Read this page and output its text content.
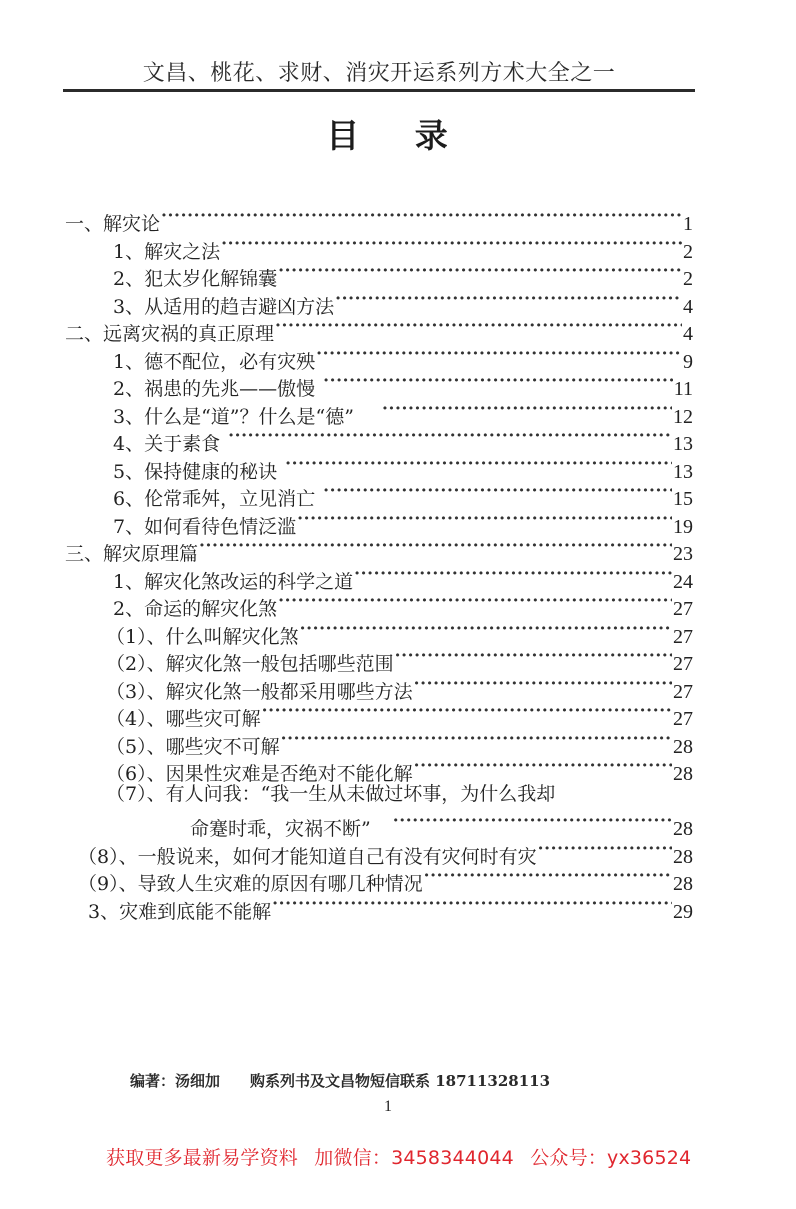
文昌、桃花、求财、消灾开运系列方术大全之一
目 录
一、解灾论 ·····	1
1、解灾之法 ·····	2
2、犯太岁化解锦囊 ·····	2
3、从适用的趋吉避凶方法 ·····	4
二、远离灾祸的真正原理 ·····	4
1、德不配位，必有灾殃 ·····	9
2、祸患的先兆——傲慢 ·····	11
3、什么是“道”？什么是“德” ·····	12
4、关于素食 ·····	13
5、保持健康的秘诀 ·····	13
6、伦常乖舛，立见消亡 ·····	15
7、如何看待色情泛滥 ·····	19
三、解灾原理篇 ·····	23
1、解灾化煞改运的科学之道 ·····	24
2、命运的解灾化煞 ·····	27
（1）、什么叫解灾化煞 ·····	27
（2）、解灾化煞一般包括哪些范围 ·····	27
（3）、解灾化煞一般都采用哪些方法 ·····	27
（4）、哪些灾可解 ·····	27
（5）、哪些灾不可解 ·····	28
（6）、因果性灾难是否绝对不能化解 ·····	28
（7）、有人问我：“我一生从未做过坏事，为什么我却
命蹇时乖，灾祸不断” ·····	28
（8）、一般说来，如何才能知道自己有没有灾何时有灾 ·····	28
（9）、导致人生灾难的原因有哪几种情况 ·····	28
3、灾难到底能不能解 ·····	29
编著：汤细加 购系列书及文昌物短信联系 18711328113
1
获取更多最新易学资料 加微信：3458344044 公众号：yx36524
